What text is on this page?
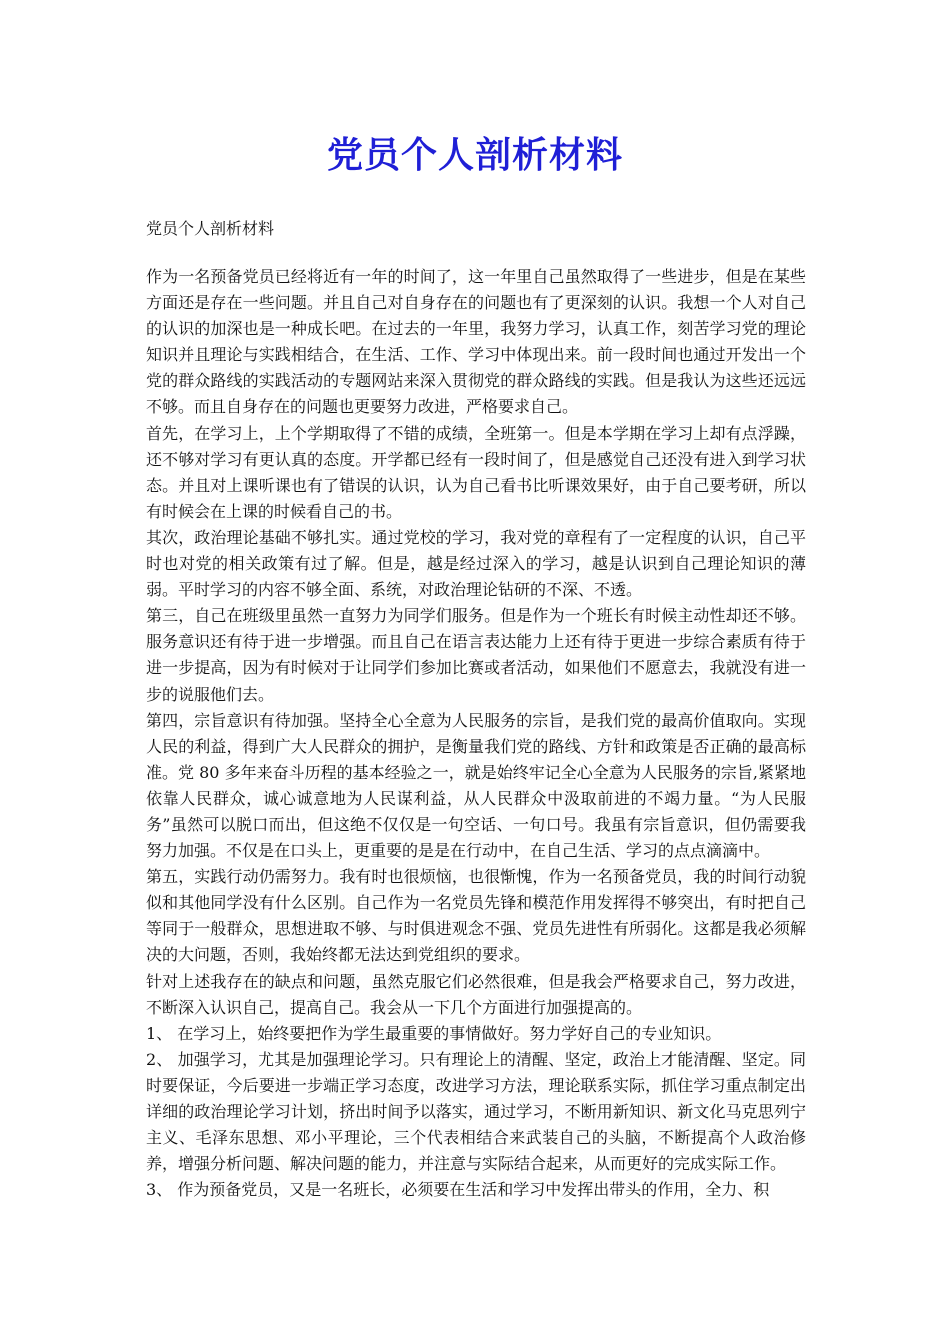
党员个人剖析材料
党员个人剖析材料

作为一名预备党员已经将近有一年的时间了，这一年里自己虽然取得了一些进步，但是在某些方面还是存在一些问题。并且自己对自身存在的问题也有了更深刻的认识。我想一个人对自己的认识的加深也是一种成长吧。在过去的一年里，我努力学习，认真工作，刻苦学习党的理论知识并且理论与实践相结合，在生活、工作、学习中体现出来。前一段时间也通过开发出一个党的群众路线的实践活动的专题网站来深入贯彻党的群众路线的实践。但是我认为这些还远远不够。而且自身存在的问题也更要努力改进，严格要求自己。

首先，在学习上，上个学期取得了不错的成绩，全班第一。但是本学期在学习上却有点浮躁，还不够对学习有更认真的态度。开学都已经有一段时间了，但是感觉自己还没有进入到学习状态。并且对上课听课也有了错误的认识，认为自己看书比听课效果好，由于自己要考研，所以有时候会在上课的时候看自己的书。

其次，政治理论基础不够扎实。通过党校的学习，我对党的章程有了一定程度的认识，自己平时也对党的相关政策有过了解。但是，越是经过深入的学习，越是认识到自己理论知识的薄弱。平时学习的内容不够全面、系统，对政治理论钻研的不深、不透。

第三，自己在班级里虽然一直努力为同学们服务。但是作为一个班长有时候主动性却还不够。服务意识还有待于进一步增强。而且自己在语言表达能力上还有待于更进一步综合素质有待于进一步提高，因为有时候对于让同学们参加比赛或者活动，如果他们不愿意去，我就没有进一步的说服他们去。

第四，宗旨意识有待加强。坚持全心全意为人民服务的宗旨，是我们党的最高价值取向。实现人民的利益，得到广大人民群众的拥护，是衡量我们党的路线、方针和政策是否正确的最高标准。党 80 多年来奋斗历程的基本经验之一，就是始终牢记全心全意为人民服务的宗旨,紧紧地依靠人民群众，诚心诚意地为人民谋利益，从人民群众中汲取前进的不竭力量。“为人民服务”虽然可以脱口而出，但这绝不仅仅是一句空话、一句口号。我虽有宗旨意识，但仍需要我努力加强。不仅是在口头上，更重要的是是在行动中，在自己生活、学习的点点滴滴中。

第五，实践行动仍需努力。我有时也很烦恼，也很惭愧，作为一名预备党员，我的时间行动貌似和其他同学没有什么区别。自己作为一名党员先锋和模范作用发挥得不够突出，有时把自己等同于一般群众，思想进取不够、与时俱进观念不强、党员先进性有所弱化。这都是我必须解决的大问题，否则，我始终都无法达到党组织的要求。

针对上述我存在的缺点和问题，虽然克服它们必然很难，但是我会严格要求自己，努力改进，不断深入认识自己，提高自己。我会从一下几个方面进行加强提高的。

1、 在学习上，始终要把作为学生最重要的事情做好。努力学好自己的专业知识。

2、 加强学习，尤其是加强理论学习。只有理论上的清醒、坚定，政治上才能清醒、坚定。同时要保证，今后要进一步端正学习态度，改进学习方法，理论联系实际，抓住学习重点制定出详细的政治理论学习计划，挤出时间予以落实，通过学习，不断用新知识、新文化马克思列宁主义、毛泽东思想、邓小平理论，三个代表相结合来武装自己的头脑，不断提高个人政治修养，增强分析问题、解决问题的能力，并注意与实际结合起来，从而更好的完成实际工作。

3、 作为预备党员，又是一名班长，必须要在生活和学习中发挥出带头的作用，全力、积
